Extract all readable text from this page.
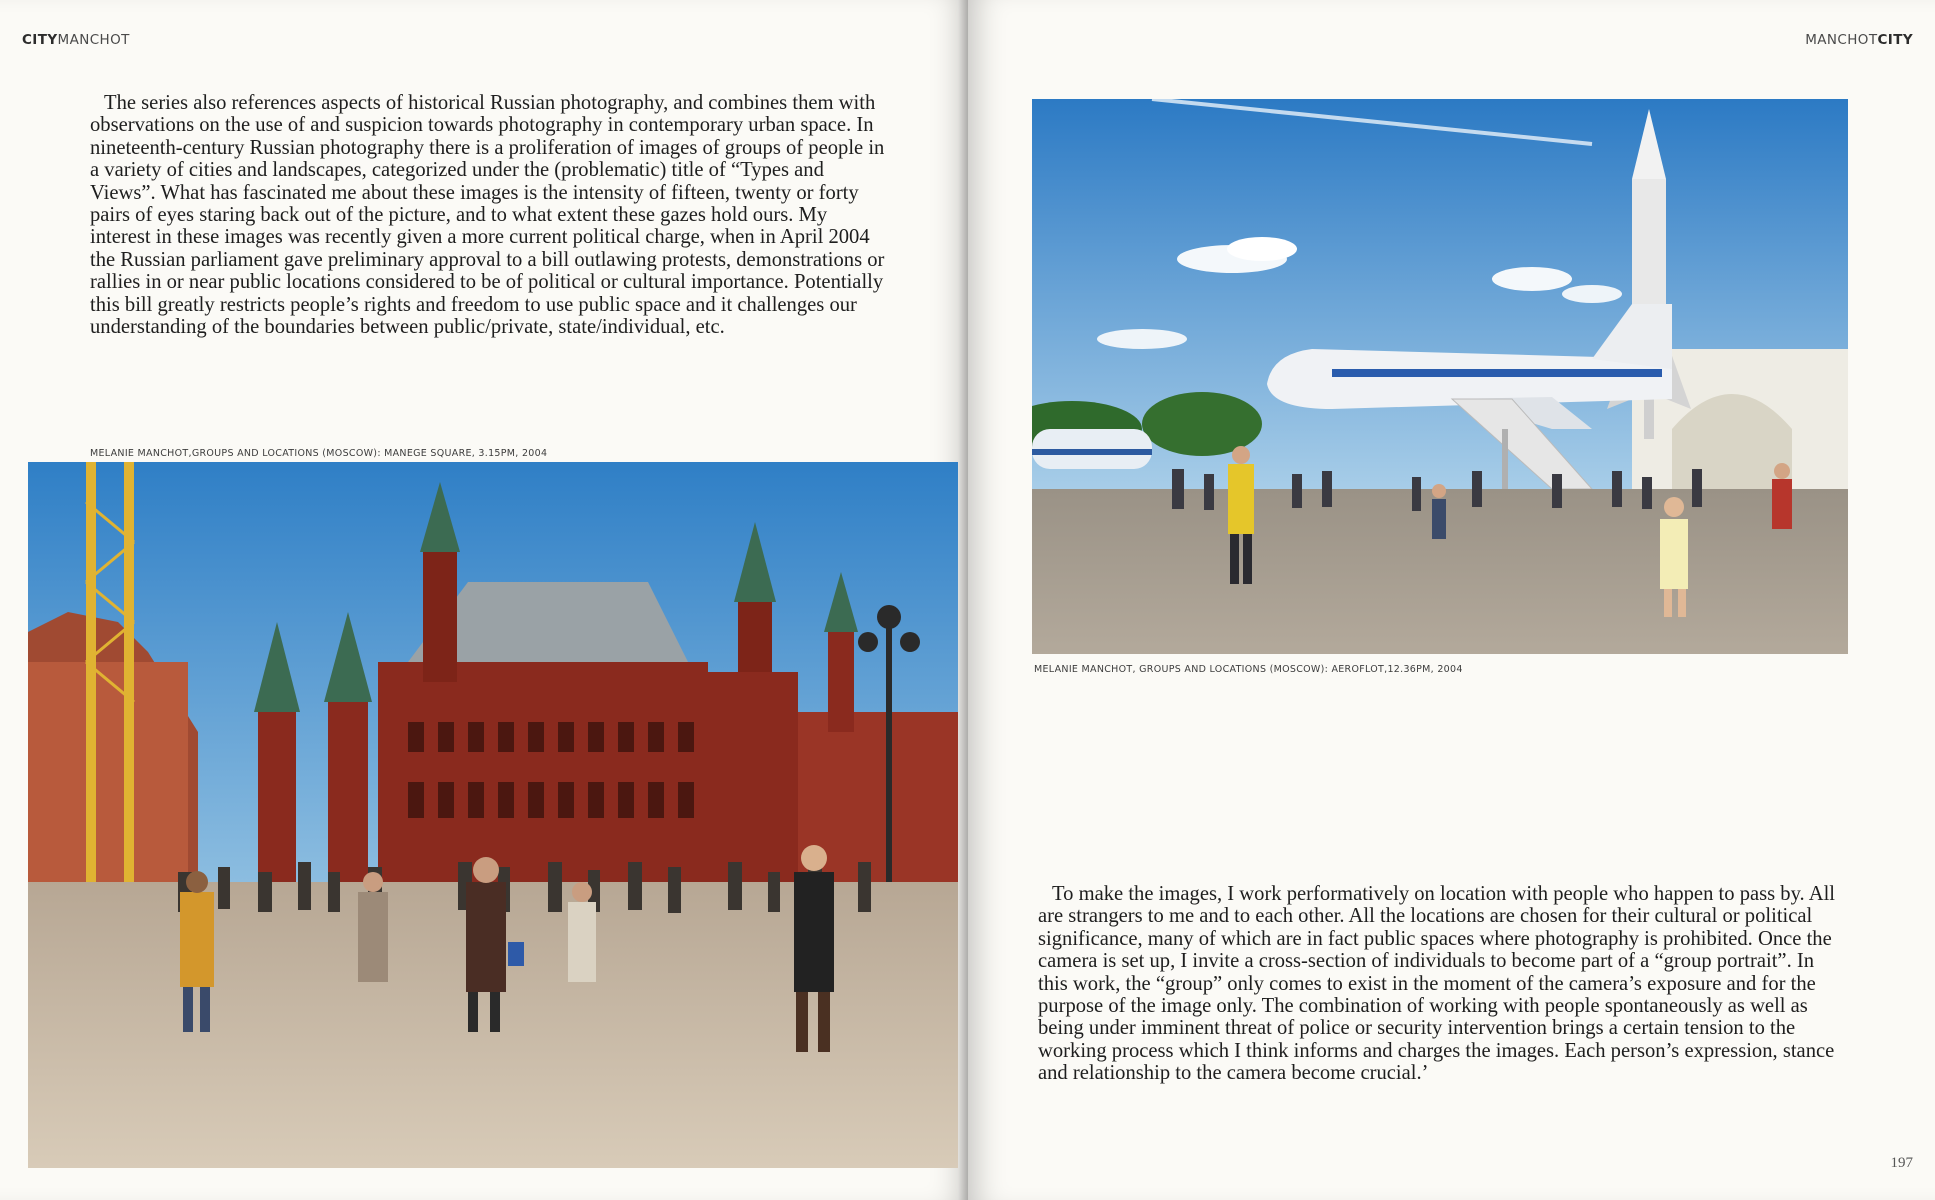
CITYMANCHOT

The series also references aspects of historical Russian photography, and combines them with observations on the use of and suspicion towards photography in contemporary urban space. In nineteenth-century Russian photography there is a proliferation of images of groups of people in a variety of cities and landscapes, categorized under the (problematic) title of “Types and Views”. What has fascinated me about these images is the intensity of fifteen, twenty or forty pairs of eyes staring back out of the picture, and to what extent these gazes hold ours. My interest in these images was recently given a more current political charge, when in April 2004 the Russian parliament gave preliminary approval to a bill outlawing protests, demonstrations or rallies in or near public locations considered to be of political or cultural importance. Potentially this bill greatly restricts people’s rights and freedom to use public space and it challenges our understanding of the boundaries between public/private, state/individual, etc.

MELANIE MANCHOT,GROUPS AND LOCATIONS (MOSCOW): MANEGE SQUARE, 3.15PM, 2004
MANCHOTCITY
MELANIE MANCHOT, GROUPS AND LOCATIONS (MOSCOW): AEROFLOT,12.36PM, 2004

To make the images, I work performatively on location with people who happen to pass by. All are strangers to me and to each other. All the locations are chosen for their cultural or political significance, many of which are in fact public spaces where photography is prohibited. Once the camera is set up, I invite a cross-section of individuals to become part of a “group portrait”. In this work, the “group” only comes to exist in the moment of the camera’s exposure and for the purpose of the image only. The combination of working with people spontaneously as well as being under imminent threat of police or security intervention brings a certain tension to the working process which I think informs and charges the images. Each person’s expression, stance and relationship to the camera become crucial.’

197
